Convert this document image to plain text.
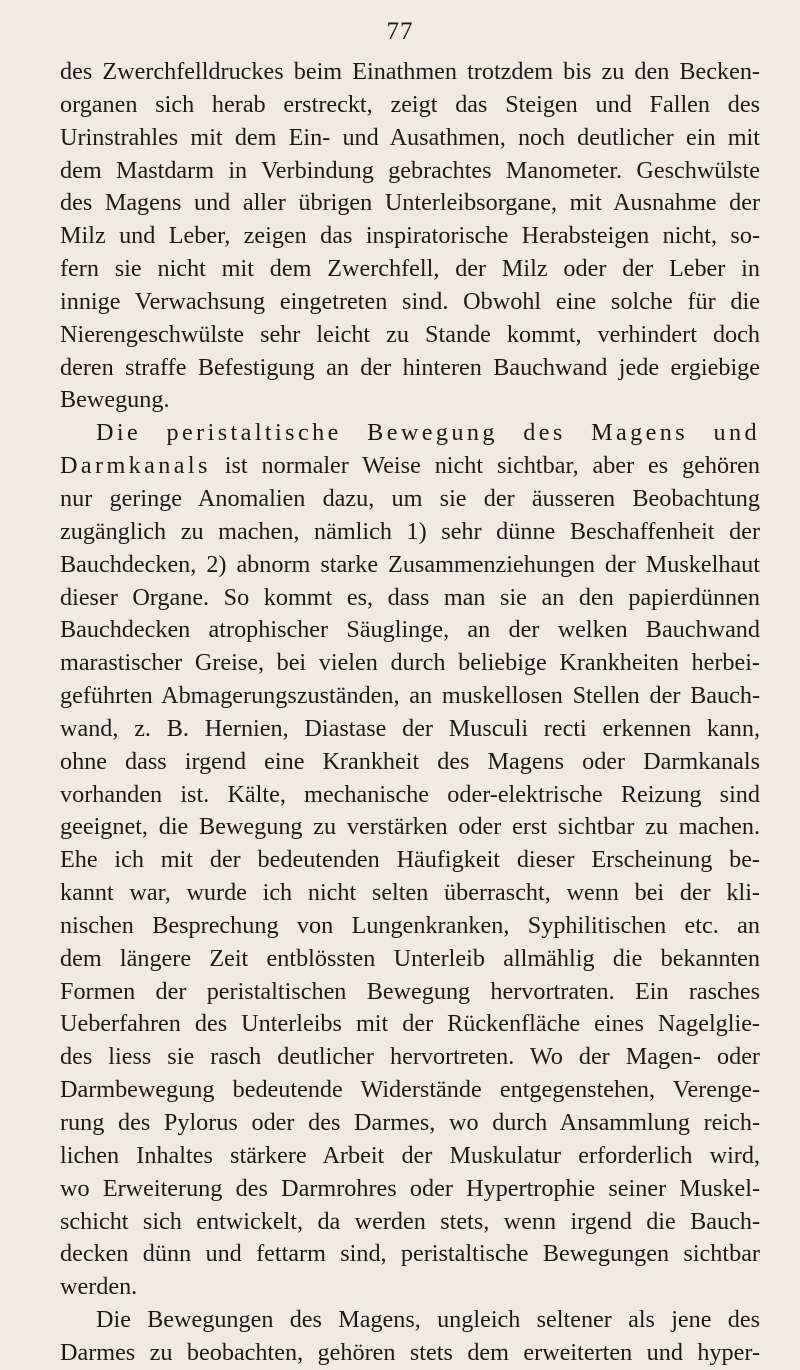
77
des Zwerchfelldruckes beim Einathmen trotzdem bis zu den Becken-
organen sich herab erstreckt, zeigt das Steigen und Fallen des
Urinstrahles mit dem Ein- und Ausathmen, noch deutlicher ein mit
dem Mastdarm in Verbindung gebrachtes Manometer. Geschwülste
des Magens und aller übrigen Unterleibsorgane, mit Ausnahme der
Milz und Leber, zeigen das inspiratorische Herabsteigen nicht, so-
fern sie nicht mit dem Zwerchfell, der Milz oder der Leber in
innige Verwachsung eingetreten sind. Obwohl eine solche für die
Nierengeschwülste sehr leicht zu Stande kommt, verhindert doch
deren straffe Befestigung an der hinteren Bauchwand jede ergiebige
Bewegung.
Die peristaltische Bewegung des Magens und
Darmkanals ist normaler Weise nicht sichtbar, aber es gehören
nur geringe Anomalien dazu, um sie der äusseren Beobachtung
zugänglich zu machen, nämlich 1) sehr dünne Beschaffenheit der
Bauchdecken, 2) abnorm starke Zusammenziehungen der Muskelhaut
dieser Organe. So kommt es, dass man sie an den papierdünnen
Bauchdecken atrophischer Säuglinge, an der welken Bauchwand
marastischer Greise, bei vielen durch beliebige Krankheiten herbei-
geführten Abmagerungszuständen, an muskellosen Stellen der Bauch-
wand, z. B. Hernien, Diastase der Musculi recti erkennen kann,
ohne dass irgend eine Krankheit des Magens oder Darmkanals
vorhanden ist. Kälte, mechanische oder-elektrische Reizung sind
geeignet, die Bewegung zu verstärken oder erst sichtbar zu machen.
Ehe ich mit der bedeutenden Häufigkeit dieser Erscheinung be-
kannt war, wurde ich nicht selten überrascht, wenn bei der kli-
nischen Besprechung von Lungenkranken, Syphilitischen etc. an
dem längere Zeit entblössten Unterleib allmählig die bekannten
Formen der peristaltischen Bewegung hervortraten. Ein rasches
Ueberfahren des Unterleibs mit der Rückenfläche eines Nagelglie-
des liess sie rasch deutlicher hervortreten. Wo der Magen- oder
Darmbewegung bedeutende Widerstände entgegenstehen, Verenge-
rung des Pylorus oder des Darmes, wo durch Ansammlung reich-
lichen Inhaltes stärkere Arbeit der Muskulatur erforderlich wird,
wo Erweiterung des Darmrohres oder Hypertrophie seiner Muskel-
schicht sich entwickelt, da werden stets, wenn irgend die Bauch-
decken dünn und fettarm sind, peristaltische Bewegungen sichtbar
werden.
Die Bewegungen des Magens, ungleich seltener als jene des
Darmes zu beobachten, gehören stets dem erweiterten und hyper-
